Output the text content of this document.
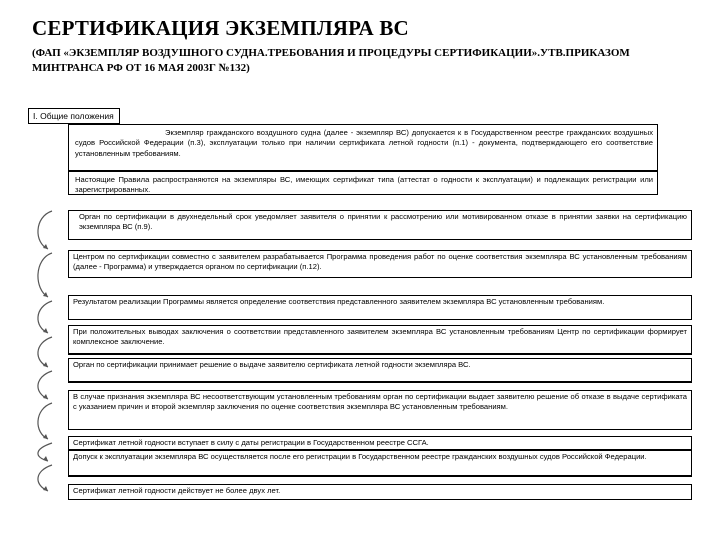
СЕРТИФИКАЦИЯ ЭКЗЕМПЛЯРА ВС

(ФАП «ЭКЗЕМПЛЯР ВОЗДУШНОГО СУДНА.ТРЕБОВАНИЯ И ПРОЦЕДУРЫ СЕРТИФИКАЦИИ».УТВ.ПРИКАЗОМ МИНТРАНСА РФ ОТ 16 МАЯ 2003Г №132)

I. Общие положения
Экземпляр гражданского воздушного судна (далее - экземпляр ВС) допускается к в Государственном реестре гражданских воздушных судов Российской Федерации (п.3), эксплуатации только при наличии сертификата летной годности (п.1) - документа, подтверждающего его соответствие установленным требованиям.
Настоящие Правила распространяются на экземпляры ВС, имеющих сертификат типа (аттестат о годности к эксплуатации) и подлежащих регистрации или зарегистрированных.
Орган по сертификации в двухнедельный срок уведомляет заявителя о принятии к рассмотрению или мотивированном отказе в принятии заявки на сертификацию экземпляра ВС (п.9).
Центром по сертификации совместно с заявителем разрабатывается Программа проведения работ по оценке соответствия экземпляра ВС установленным требованиям (далее - Программа) и утверждается органом по сертификации (п.12).
Результатом реализации Программы является определение соответствия представленного заявителем экземпляра ВС установленным требованиям.
При положительных выводах заключения о соответствии представленного заявителем экземпляра ВС установленным требованиям Центр по сертификации формирует комплексное заключение.
Орган по сертификации принимает решение о выдаче заявителю сертификата летной годности экземпляра ВС.
В случае признания экземпляра ВС несоответствующим установленным требованиям орган по сертификации выдает заявителю решение об отказе в выдаче сертификата с указанием причин и второй экземпляр заключения по оценке соответствия экземпляра ВС установленным требованиям.
Сертификат летной годности вступает в силу с даты регистрации в Государственном реестре ССГА.
Допуск к эксплуатации экземпляра ВС осуществляется после его регистрации в Государственном реестре гражданских воздушных судов Российской Федерации.
Сертификат летной годности действует не более двух лет.
